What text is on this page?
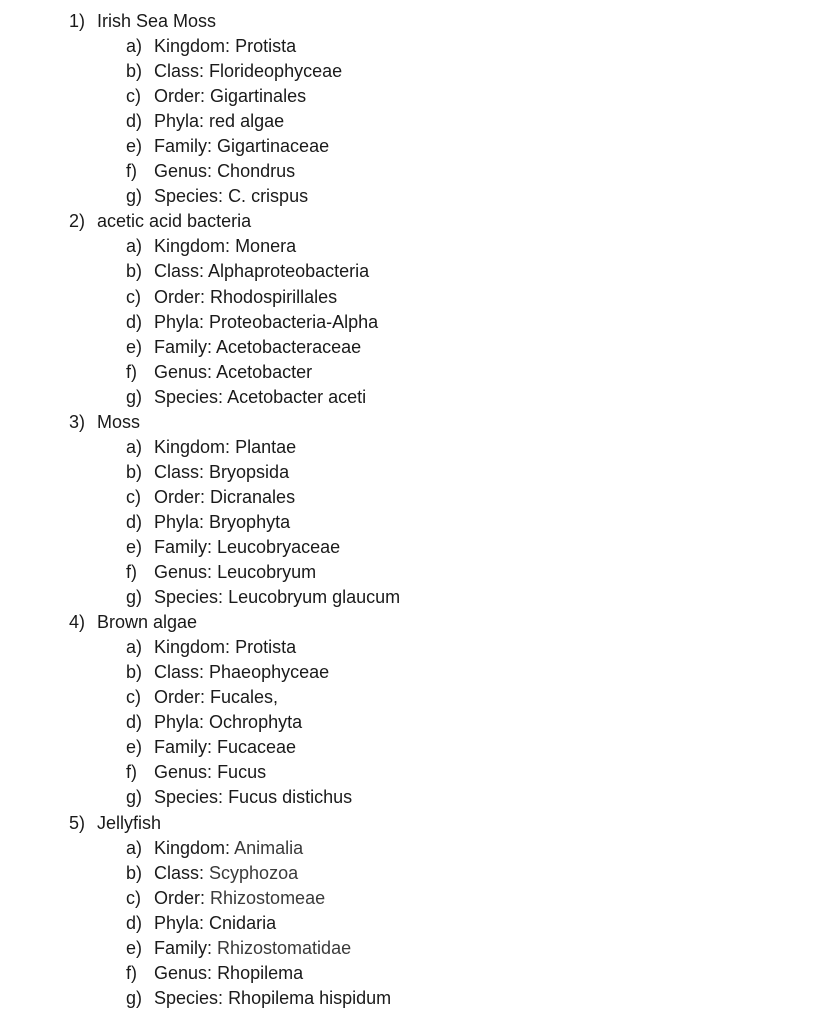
1) Irish Sea Moss
a) Kingdom: Protista
b) Class: Florideophyceae
c) Order: Gigartinales
d) Phyla: red algae
e) Family: Gigartinaceae
f) Genus: Chondrus
g) Species: C. crispus
2) acetic acid bacteria
a) Kingdom: Monera
b) Class: Alphaproteobacteria
c) Order: Rhodospirillales
d) Phyla: Proteobacteria-Alpha
e) Family: Acetobacteraceae
f) Genus: Acetobacter
g) Species: Acetobacter aceti
3) Moss
a) Kingdom: Plantae
b) Class: Bryopsida
c) Order: Dicranales
d) Phyla: Bryophyta
e) Family: Leucobryaceae
f) Genus: Leucobryum
g) Species: Leucobryum glaucum
4) Brown algae
a) Kingdom: Protista
b) Class: Phaeophyceae
c) Order: Fucales,
d) Phyla: Ochrophyta
e) Family: Fucaceae
f) Genus: Fucus
g) Species: Fucus distichus
5) Jellyfish
a) Kingdom: Animalia
b) Class: Scyphozoa
c) Order: Rhizostomeae
d) Phyla: Cnidaria
e) Family: Rhizostomatidae
f) Genus: Rhopilema
g) Species: Rhopilema hispidum
